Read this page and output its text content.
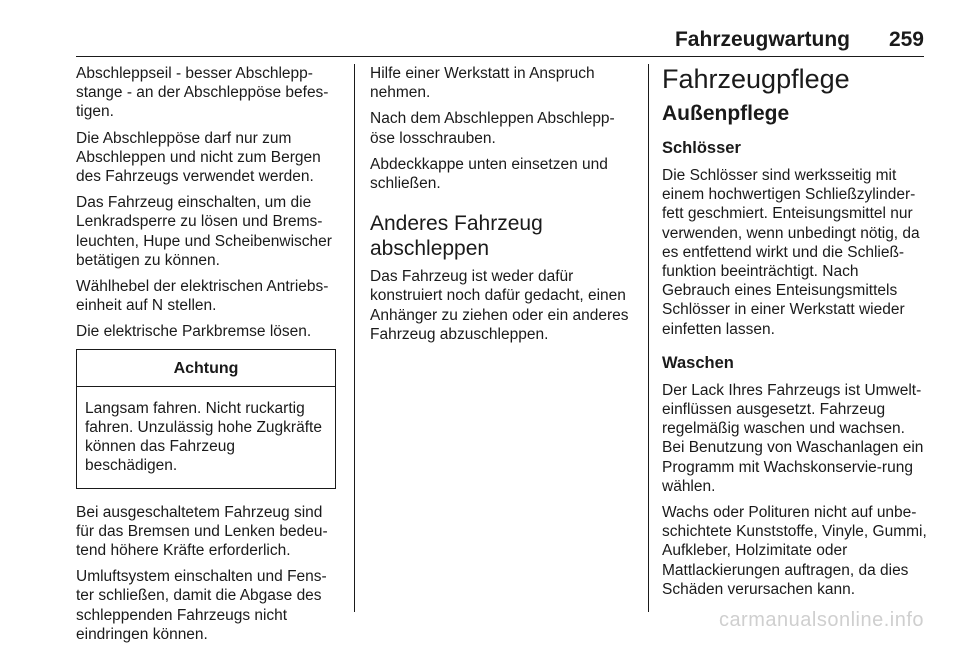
Fahrzeugwartung 259

Abschleppseil - besser Abschlepp-stange - an der Abschleppöse befes-tigen.

Die Abschleppöse darf nur zum Abschleppen und nicht zum Bergen des Fahrzeugs verwendet werden.

Das Fahrzeug einschalten, um die Lenkradsperre zu lösen und Brems-leuchten, Hupe und Scheibenwischer betätigen zu können.

Wählhebel der elektrischen Antriebs-einheit auf N stellen.

Die elektrische Parkbremse lösen.

Achtung
Langsam fahren. Nicht ruckartig fahren. Unzulässig hohe Zugkräfte können das Fahrzeug beschädigen.

Bei ausgeschaltetem Fahrzeug sind für das Bremsen und Lenken bedeu-tend höhere Kräfte erforderlich.

Umluftsystem einschalten und Fens-ter schließen, damit die Abgase des schleppenden Fahrzeugs nicht eindringen können.

Hilfe einer Werkstatt in Anspruch nehmen.

Nach dem Abschleppen Abschlepp-öse losschrauben.

Abdeckkappe unten einsetzen und schließen.

Anderes Fahrzeug abschleppen

Das Fahrzeug ist weder dafür konstruiert noch dafür gedacht, einen Anhänger zu ziehen oder ein anderes Fahrzeug abzuschleppen.

Fahrzeugpflege
Außenpflege
Schlösser

Die Schlösser sind werksseitig mit einem hochwertigen Schließzylinder-fett geschmiert. Enteisungsmittel nur verwenden, wenn unbedingt nötig, da es entfettend wirkt und die Schließ-funktion beeinträchtigt. Nach Gebrauch eines Enteisungsmittels Schlösser in einer Werkstatt wieder einfetten lassen.

Waschen

Der Lack Ihres Fahrzeugs ist Umwelt-einflüssen ausgesetzt. Fahrzeug regelmäßig waschen und wachsen. Bei Benutzung von Waschanlagen ein Programm mit Wachskonservie-rung wählen.

Wachs oder Polituren nicht auf unbe-schichtete Kunststoffe, Vinyle, Gummi, Aufkleber, Holzimitate oder Mattlackierungen auftragen, da dies Schäden verursachen kann.

carmanualsonline.info
